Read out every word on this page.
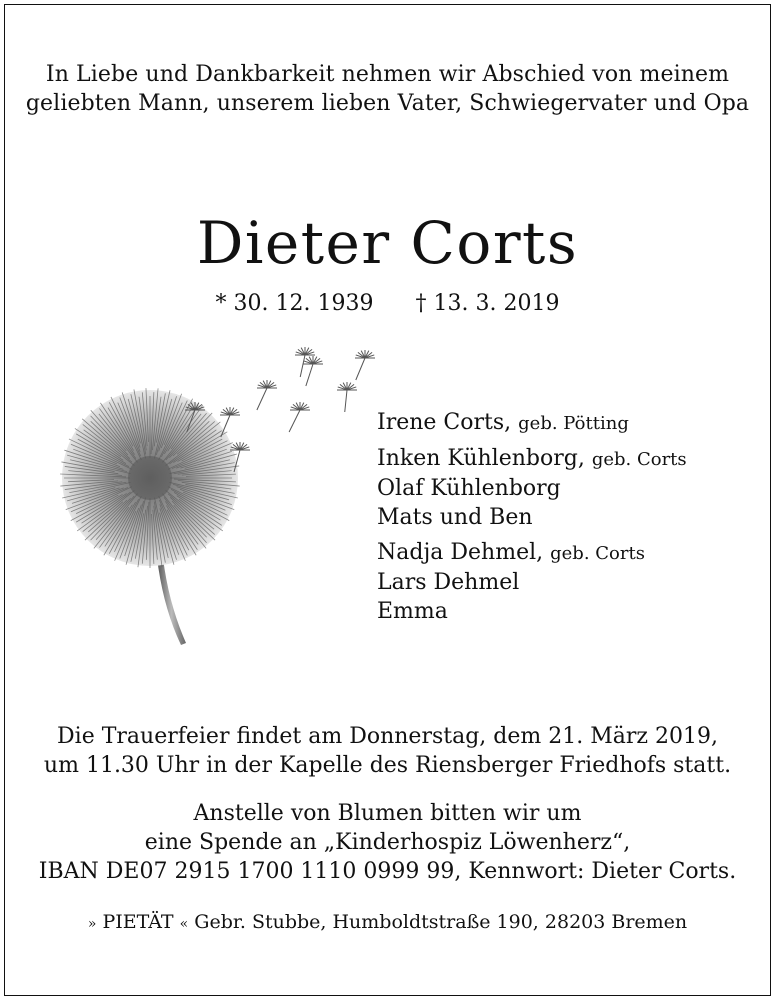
In Liebe und Dankbarkeit nehmen wir Abschied von meinem
geliebten Mann, unserem lieben Vater, Schwiegervater und Opa
Dieter Corts
* 30. 12. 1939 † 13. 3. 2019
Irene Corts, geb. Pötting
Inken Kühlenborg, geb. Corts
Olaf Kühlenborg
Mats und Ben
Nadja Dehmel, geb. Corts
Lars Dehmel
Emma
Die Trauerfeier findet am Donnerstag, dem 21. März 2019,
um 11.30 Uhr in der Kapelle des Riensberger Friedhofs statt.
Anstelle von Blumen bitten wir um
eine Spende an „Kinderhospiz Löwenherz“,
IBAN DE07 2915 1700 1110 0999 99, Kennwort: Dieter Corts.
» PIETÄT « Gebr. Stubbe, Humboldtstraße 190, 28203 Bremen
